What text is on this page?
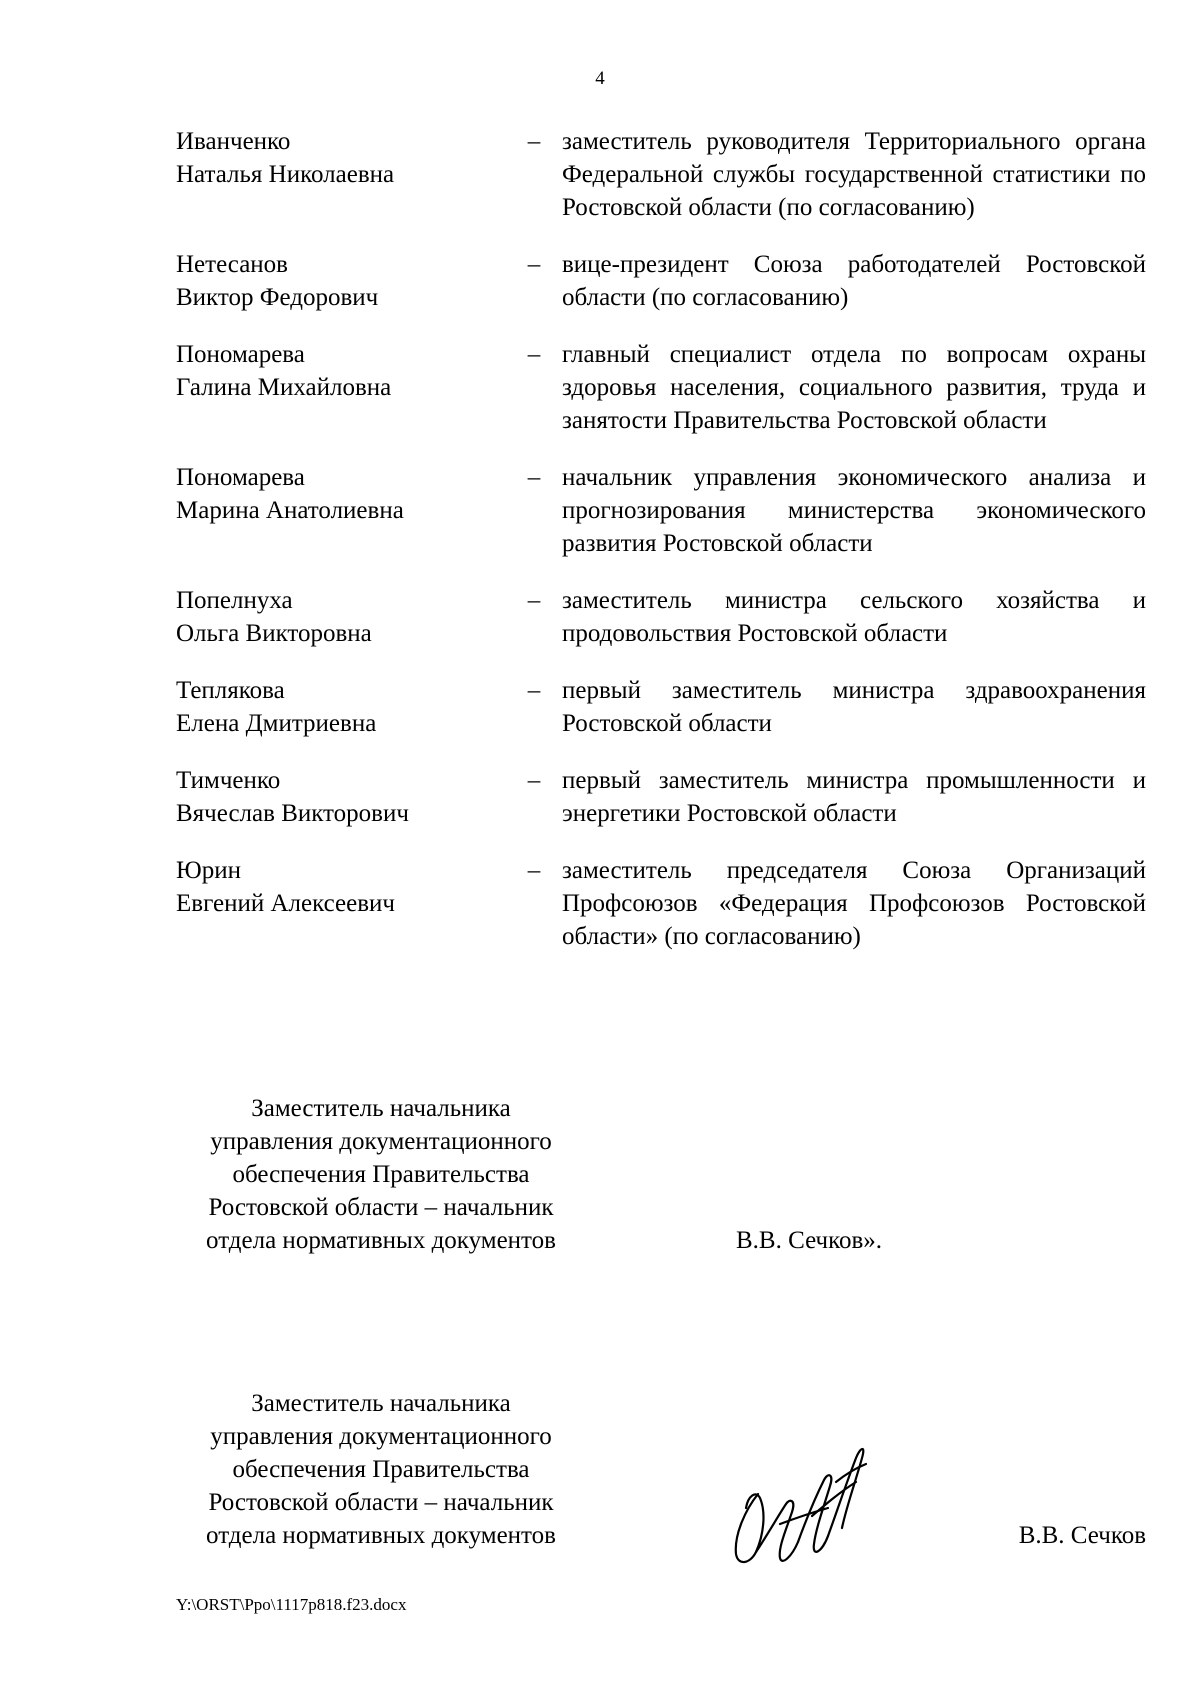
4
Иванченко
Наталья Николаевна
– заместитель руководителя Территориального органа Федеральной службы государственной статистики по Ростовской области (по согласованию)
Нетесанов
Виктор Федорович
– вице-президент Союза работодателей Ростовской области (по согласованию)
Пономарева
Галина Михайловна
– главный специалист отдела по вопросам охраны здоровья населения, социального развития, труда и занятости Правительства Ростовской области
Пономарева
Марина Анатолиевна
– начальник управления экономического анализа и прогнозирования министерства экономического развития Ростовской области
Попелнуха
Ольга Викторовна
– заместитель министра сельского хозяйства и продовольствия Ростовской области
Теплякова
Елена Дмитриевна
– первый заместитель министра здравоохранения Ростовской области
Тимченко
Вячеслав Викторович
– первый заместитель министра промышленности и энергетики Ростовской области
Юрин
Евгений Алексеевич
– заместитель председателя Союза Организаций Профсоюзов «Федерация Профсоюзов Ростовской области» (по согласованию)
Заместитель начальника
управления документационного
обеспечения Правительства
Ростовской области – начальник
отдела нормативных документов	В.В. Сечков».
Заместитель начальника
управления документационного
обеспечения Правительства
Ростовской области – начальник
отдела нормативных документов	В.В. Сечков
Y:\ORST\Ppo\1117p818.f23.docx
